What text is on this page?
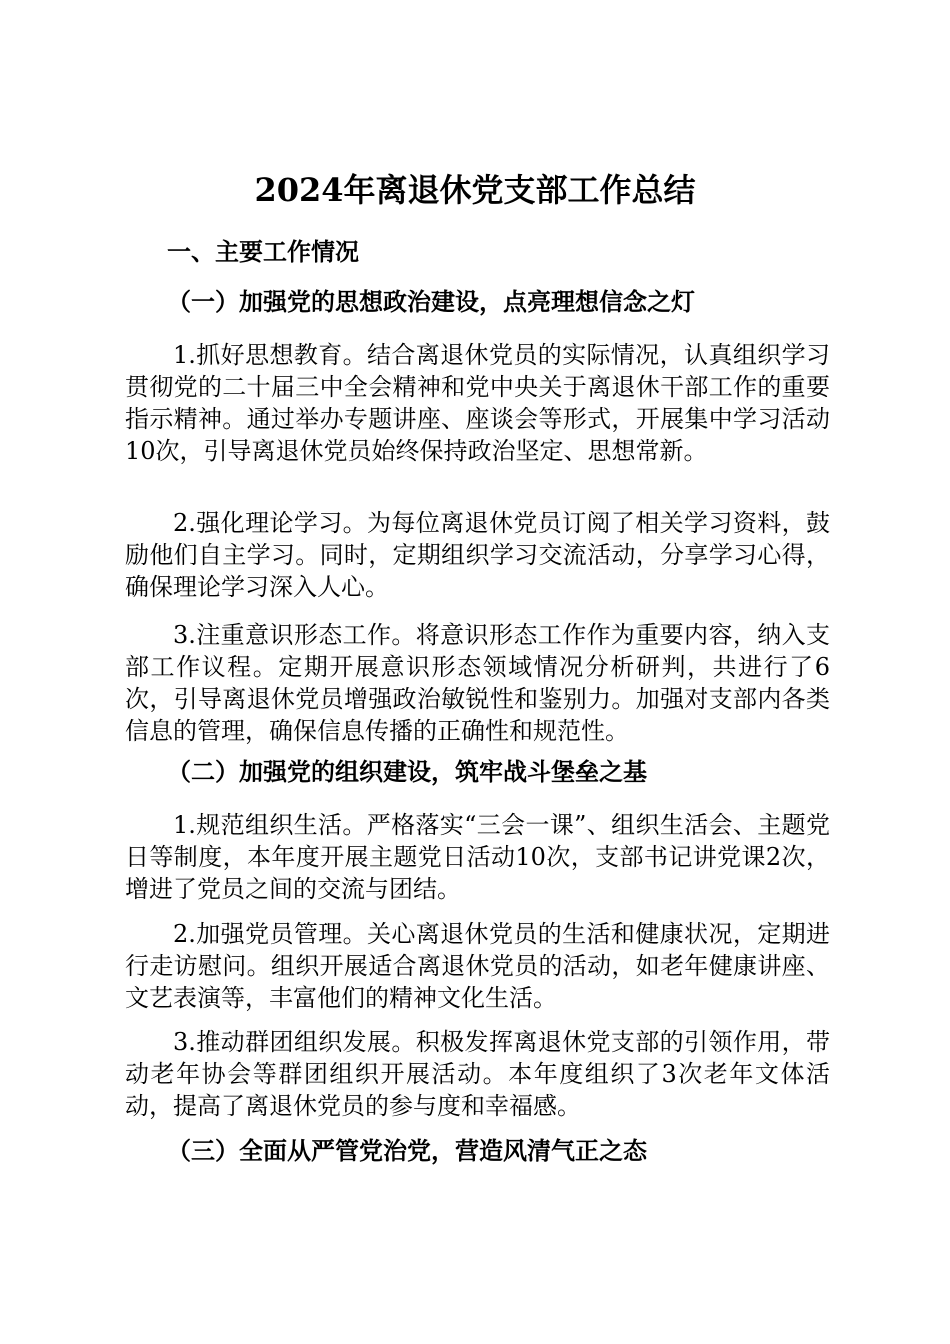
2024年离退休党支部工作总结
一、主要工作情况
（一）加强党的思想政治建设，点亮理想信念之灯
1.抓好思想教育。结合离退休党员的实际情况，认真组织学习贯彻党的二十届三中全会精神和党中央关于离退休干部工作的重要指示精神。通过举办专题讲座、座谈会等形式，开展集中学习活动10次，引导离退休党员始终保持政治坚定、思想常新。
2.强化理论学习。为每位离退休党员订阅了相关学习资料，鼓励他们自主学习。同时，定期组织学习交流活动，分享学习心得，确保理论学习深入人心。
3.注重意识形态工作。将意识形态工作作为重要内容，纳入支部工作议程。定期开展意识形态领域情况分析研判，共进行了6次，引导离退休党员增强政治敏锐性和鉴别力。加强对支部内各类信息的管理，确保信息传播的正确性和规范性。
（二）加强党的组织建设，筑牢战斗堡垒之基
1.规范组织生活。严格落实“三会一课”、组织生活会、主题党日等制度，本年度开展主题党日活动10次，支部书记讲党课2次，增进了党员之间的交流与团结。
2.加强党员管理。关心离退休党员的生活和健康状况，定期进行走访慰问。组织开展适合离退休党员的活动，如老年健康讲座、文艺表演等，丰富他们的精神文化生活。
3.推动群团组织发展。积极发挥离退休党支部的引领作用，带动老年协会等群团组织开展活动。本年度组织了3次老年文体活动，提高了离退休党员的参与度和幸福感。
（三）全面从严管党治党，营造风清气正之态
